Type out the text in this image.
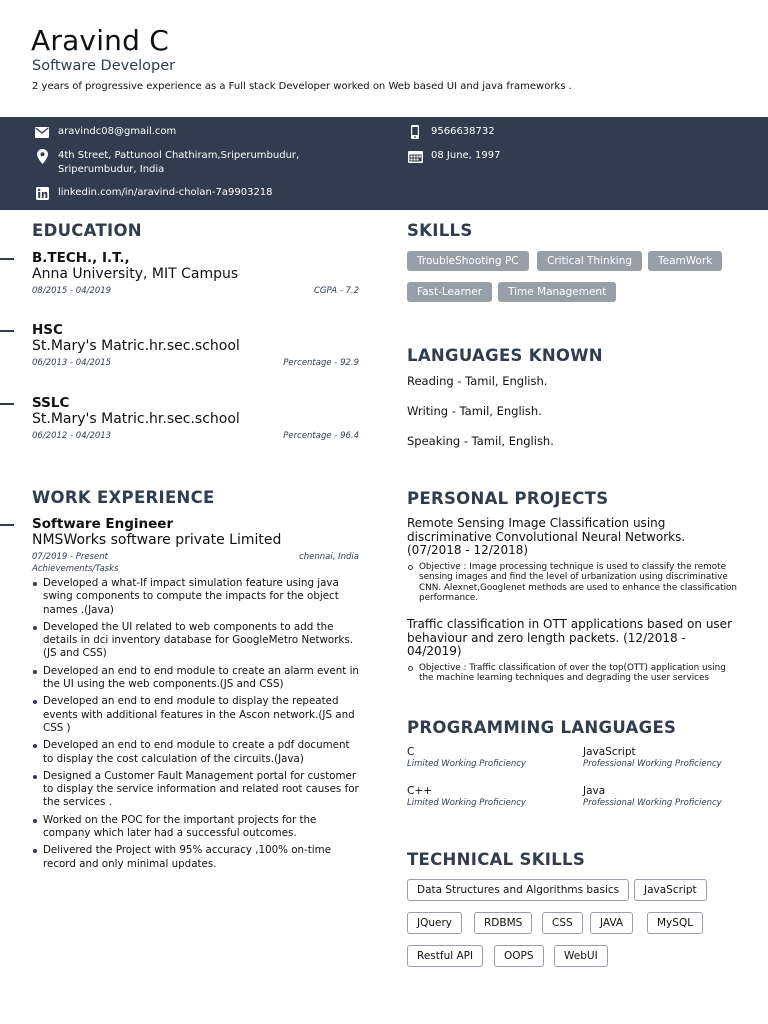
Aravind C
Software Developer
2 years of progressive experience as a Full stack Developer worked on Web based UI and java frameworks .
aravindc08@gmail.com	9566638732
4th Street, Pattunool Chathiram,Sriperumbudur,
Sriperumbudur, India
08 June, 1997
linkedin.com/in/aravind-cholan-7a9903218
EDUCATION
B.TECH., I.T.,
Anna University, MIT Campus
08/2015 - 04/2019	CGPA - 7.2
HSC
St.Mary's Matric.hr.sec.school
06/2013 - 04/2015	Percentage - 92.9
SSLC
St.Mary's Matric.hr.sec.school
06/2012 - 04/2013	Percentage - 96.4
WORK EXPERIENCE
Software Engineer
NMSWorks software private Limited
07/2019 - Present	chennai, India
Achievements/Tasks
Developed a what-If impact simulation feature using java swing components to compute the impacts for the object names .(Java)
Developed the UI related to web components to add the details in dci inventory database for GoogleMetro Networks.(JS and CSS)
Developed an end to end module to create an alarm event in the UI using the web components.(JS and CSS)
Developed an end to end module to display the repeated events with additional features in the Ascon network.(JS and CSS )
Developed an end to end module to create a pdf document to display the cost calculation of the circuits.(Java)
Designed a Customer Fault Management portal for customer to display the service information and related root causes for the services .
Worked on the POC for the important projects for the company which later had a successful outcomes.
Delivered the Project with 95% accuracy ,100% on-time record and only minimal updates.
SKILLS
TroubleShooting PC	Critical Thinking	TeamWork
Fast-Learner	Time Management
LANGUAGES KNOWN
Reading - Tamil, English.
Writing - Tamil, English.
Speaking - Tamil, English.
PERSONAL PROJECTS
Remote Sensing Image Classification using discriminative Convolutional Neural Networks. (07/2018 - 12/2018)
Objective : Image processing technique is used to classify the remote sensing images and find the level of urbanization using discriminative CNN. Alexnet,Googlenet methods are used to enhance the classification performance.
Traffic classification in OTT applications based on user behaviour and zero length packets. (12/2018 - 04/2019)
Objective : Traffic classification of over the top(OTT) application using the machine learning techniques and degrading the user services
PROGRAMMING LANGUAGES
C
Limited Working Proficiency
JavaScript
Professional Working Proficiency
C++
Limited Working Proficiency
Java
Professional Working Proficiency
TECHNICAL SKILLS
Data Structures and Algorithms basics	JavaScript
JQuery	RDBMS	CSS	JAVA	MySQL
Restful API	OOPS	WebUI
